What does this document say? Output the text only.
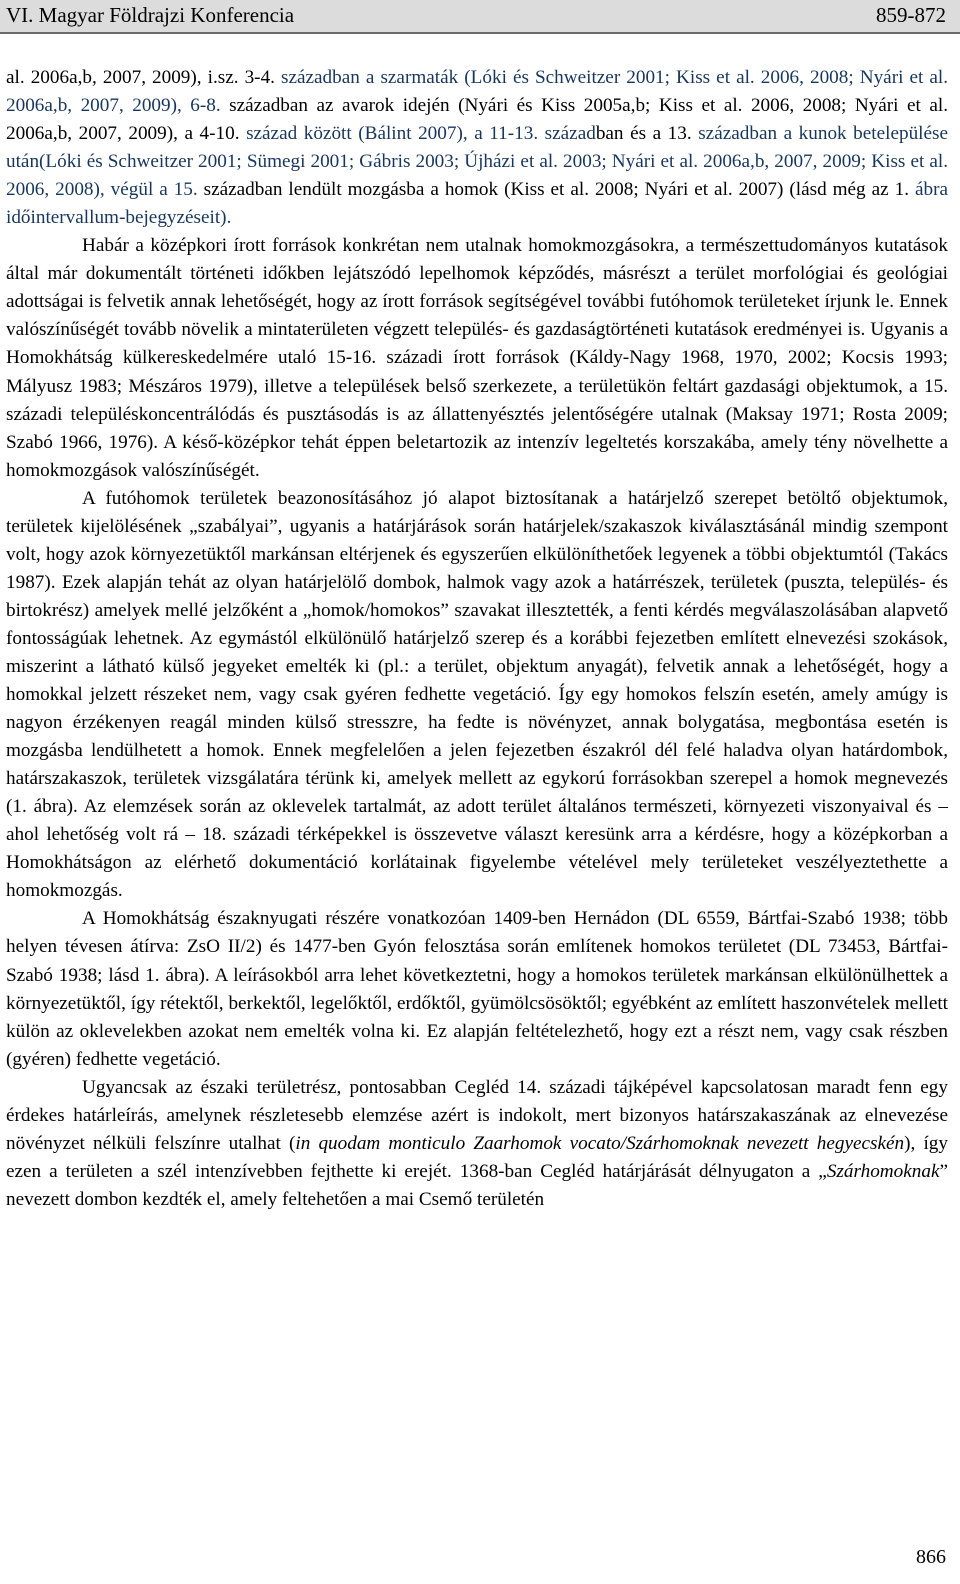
VI. Magyar Földrajzi Konferencia	859-872

al. 2006a,b, 2007, 2009), i.sz. 3-4. században a szarmaták (Lóki és Schweitzer 2001; Kiss et al. 2006, 2008; Nyári et al. 2006a,b, 2007, 2009), 6-8. században az avarok idején (Nyári és Kiss 2005a,b; Kiss et al. 2006, 2008; Nyári et al. 2006a,b, 2007, 2009), a 4-10. század között (Bálint 2007), a 11-13. században és a 13. században a kunok betelepülése után(Lóki és Schweitzer 2001; Sümegi 2001; Gábris 2003; Újházi et al. 2003; Nyári et al. 2006a,b, 2007, 2009; Kiss et al. 2006, 2008), végül a 15. században lendült mozgásba a homok (Kiss et al. 2008; Nyári et al. 2007) (lásd még az 1. ábra időintervallum-bejegyzéseit).

Habár a középkori írott források konkrétan nem utalnak homokmozgásokra, a természettudományos kutatások által már dokumentált történeti időkben lejátszódó lepelhomok képződés, másrészt a terület morfológiai és geológiai adottságai is felvetik annak lehetőségét, hogy az írott források segítségével további futóhomok területeket írjunk le. Ennek valószínűségét tovább növelik a mintaterületen végzett település- és gazdaságtörténeti kutatások eredményei is. Ugyanis a Homokhátság külkereskedelmére utaló 15-16. századi írott források (Káldy-Nagy 1968, 1970, 2002; Kocsis 1993; Mályusz 1983; Mészáros 1979), illetve a települések belső szerkezete, a területükön feltárt gazdasági objektumok, a 15. századi településkoncentrálódás és pusztásodás is az állattenyésztés jelentőségére utalnak (Maksay 1971; Rosta 2009; Szabó 1966, 1976). A késő-középkor tehát éppen beletartozik az intenzív legeltetés korszakába, amely tény növelhette a homokmozgások valószínűségét.

A futóhomok területek beazonosításához jó alapot biztosítanak a határjelző szerepet betöltő objektumok, területek kijelölésének „szabályai”, ugyanis a határjárások során határjelek/szakaszok kiválasztásánál mindig szempont volt, hogy azok környezetüktől markánsan eltérjenek és egyszerűen elkülöníthetőek legyenek a többi objektumtól (Takács 1987). Ezek alapján tehát az olyan határjelölő dombok, halmok vagy azok a határrészek, területek (puszta, település- és birtokrész) amelyek mellé jelzőként a „homok/homokos” szavakat illesztették, a fenti kérdés megválaszolásában alapvető fontosságúak lehetnek. Az egymástól elkülönülő határjelző szerep és a korábbi fejezetben említett elnevezési szokások, miszerint a látható külső jegyeket emelték ki (pl.: a terület, objektum anyagát), felvetik annak a lehetőségét, hogy a homokkal jelzett részeket nem, vagy csak gyéren fedhette vegetáció. Így egy homokos felszín esetén, amely amúgy is nagyon érzékenyen reagál minden külső stresszre, ha fedte is növényzet, annak bolygatása, megbontása esetén is mozgásba lendülhetett a homok. Ennek megfelelően a jelen fejezetben északról dél felé haladva olyan határdombok, határszakaszok, területek vizsgálatára térünk ki, amelyek mellett az egykorú forrásokban szerepel a homok megnevezés (1. ábra). Az elemzések során az oklevelek tartalmát, az adott terület általános természeti, környezeti viszonyaival és ‒ ahol lehetőség volt rá ‒ 18. századi térképekkel is összevetve választ keresünk arra a kérdésre, hogy a középkorban a Homokhátságon az elérhető dokumentáció korlátainak figyelembe vételével mely területeket veszélyeztethette a homokmozgás.

A Homokhátság északnyugati részére vonatkozóan 1409-ben Hernádon (DL 6559, Bártfai-Szabó 1938; több helyen tévesen átírva: ZsO II/2) és 1477-ben Gyón felosztása során említenek homokos területet (DL 73453, Bártfai-Szabó 1938; lásd 1. ábra). A leírásokból arra lehet következtetni, hogy a homokos területek markánsan elkülönülhettek a környezetüktől, így rétektől, berkektől, legelőktől, erdőktől, gyümölcsösöktől; egyébként az említett haszonvételek mellett külön az oklevelekben azokat nem emelték volna ki. Ez alapján feltételezhető, hogy ezt a részt nem, vagy csak részben (gyéren) fedhette vegetáció.

Ugyancsak az északi területrész, pontosabban Cegléd 14. századi tájképével kapcsolatosan maradt fenn egy érdekes határleírás, amelynek részletesebb elemzése azért is indokolt, mert bizonyos határszakaszának az elnevezése növényzet nélküli felszínre utalhat (in quodam monticulo Zaarhomok vocato/Szárhomoknak nevezett hegyecskén), így ezen a területen a szél intenzívebben fejthette ki erejét. 1368-ban Cegléd határjárását délnyugaton a „Szárhomoknak” nevezett dombon kezdték el, amely feltehetően a mai Csemő területén

866
